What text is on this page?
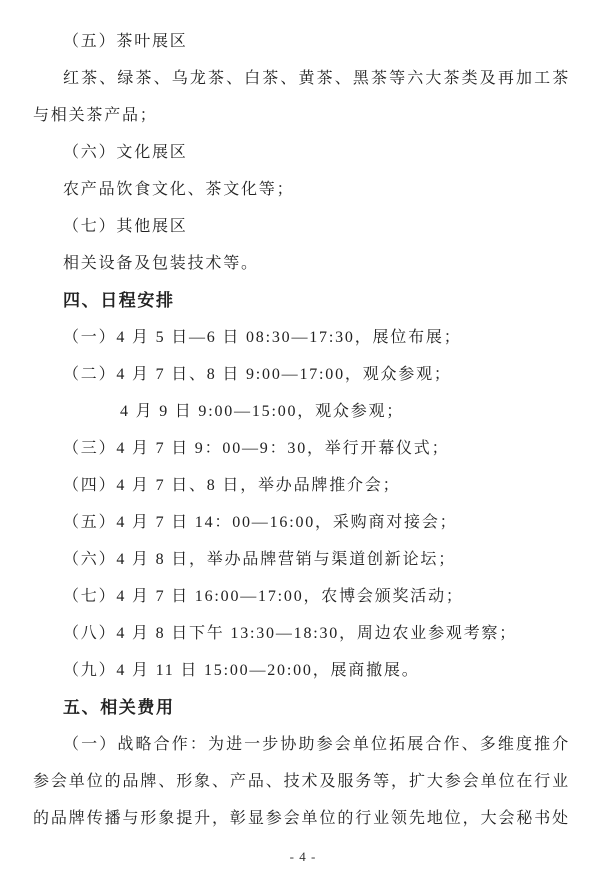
（五）茶叶展区

红茶、绿茶、乌龙茶、白茶、黄茶、黑茶等六大茶类及再加工茶

与相关茶产品；

（六）文化展区

农产品饮食文化、茶文化等；

（七）其他展区

相关设备及包装技术等。

四、日程安排

（一）4 月 5 日—6 日 08:30—17:30，展位布展；

（二）4 月 7 日、8 日 9:00—17:00，观众参观；

4 月 9 日 9:00—15:00，观众参观；

（三）4 月 7 日 9：00—9：30，举行开幕仪式；

（四）4 月 7 日、8 日，举办品牌推介会；

（五）4 月 7 日 14：00—16:00，采购商对接会；

（六）4 月 8 日，举办品牌营销与渠道创新论坛；

（七）4 月 7 日 16:00—17:00，农博会颁奖活动；

（八）4 月 8 日下午 13:30—18:30，周边农业参观考察；

（九）4 月 11 日 15:00—20:00，展商撤展。

五、相关费用

（一）战略合作：为进一步协助参会单位拓展合作、多维度推介

参会单位的品牌、形象、产品、技术及服务等，扩大参会单位在行业

的品牌传播与形象提升，彰显参会单位的行业领先地位，大会秘书处

- 4 -
